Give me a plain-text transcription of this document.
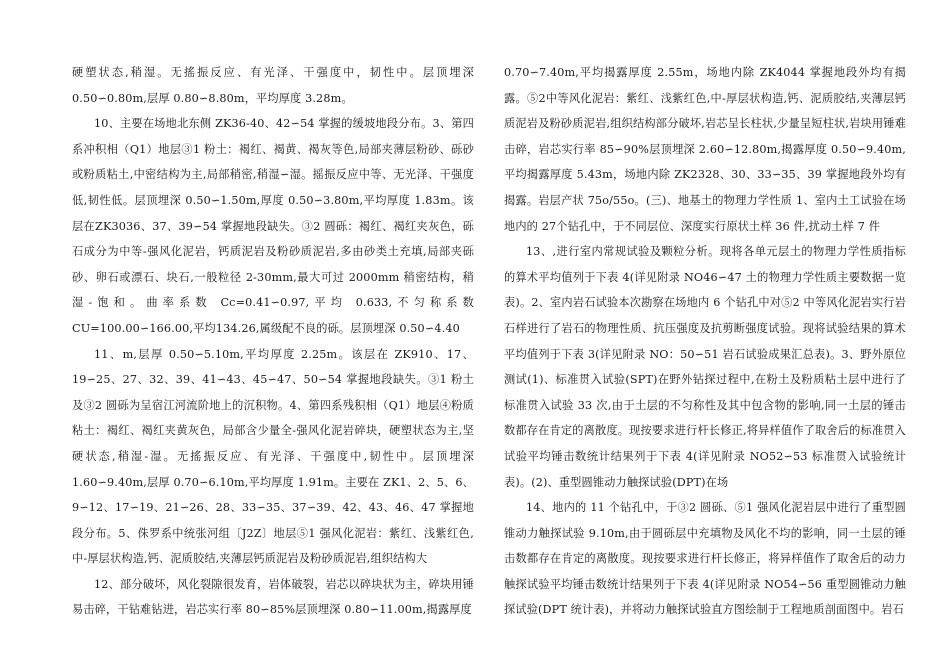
硬塑状态,稍湿。无搖振反应、有光泽、干强度中，韧性中。层顶埋深 0.50∽0.80m,层厚 0.80∽8.80m，平均厚度 3.28m。

10、主要在场地北东侧 ZK36-40、42∽54 掌握的缓坡地段分布。3、第四系冲积相（Q1）地层③1 粉土：褐红、褐黄、褐灰等色,局部夹薄层粉砂、砾砂或粉质粘土,中密结构为主,局部稍密,稍湿∽湿。摇振反应中等、无光泽、干强度低,韧性低。层顶埋深 0.50∽1.50m,厚度 0.50∽3.80m,平均厚度 1.83m。该层在ZK3036、37、39∽54 掌握地段缺失。③2 圆砾：褐红、褐红夹灰色，砾石成分为中等-强风化泥岩，钙质泥岩及粉砂质泥岩,多由砂类土充填,局部夹砾砂、卵石或漂石、块石,一般粒径 2-30mm,最大可过 2000mm 稍密结构，稍湿-饱和。曲率系数 Cc=0.41∽0.97,平均 0.633,不匀称系数 CU=100.00∽166.00,平均134.26,属级配不良的砾。层顶埋深 0.50∽4.40

11、m,层厚 0.50∽5.10m,平均厚度 2.25m。该层在 ZK910、17、19∽25、27、32、39、41∽43、45∽47、50∽54 掌握地段缺失。③1 粉土及③2 圆砾为呈宿江河流阶地上的沉积物。4、第四系残积相（Q1）地层④粉质粘土：褐红、褐红夹黄灰色，局部含少量全-强风化泥岩碎块，硬塑状态为主,坚硬状态,稍湿-湿。无搖振反应、有光泽、干强度中,韧性中。层顶埋深 1.60∽9.40m,层厚 0.70∽6.10m,平均厚度 1.91m。主要在 ZK1、2、5、6、9∽12、17∽19、21∽26、28、33∽35、37∽39、42、43、46、47 掌握地段分布。5、侏罗系中统张河组〔J2Z〕地层⑤1 强风化泥岩：紫红、浅紫红色,中-厚层状构造,钙、泥质胶结,夹薄层钙质泥岩及粉砂质泥岩,组织结构大

12、部分破坏，风化裂隙很发育，岩体破裂，岩芯以碎块状为主，碎块用锤易击碎，干钻难钻进，岩芯实行率 80∽85%层顶埋深 0.80∽11.00m,揭露厚度

0.70∽7.40m,平均揭露厚度 2.55m，场地内除 ZK4044 掌握地段外均有揭露。⑤2中等风化泥岩：紫红、浅紫红色,中-厚层状构造,钙、泥质胶结,夹薄层钙质泥岩及粉砂质泥岩,组织结构部分破坏,岩芯呈长柱状,少量呈短柱状,岩块用锤难击碎，岩芯实行率 85∽90%层顶埋深 2.60∽12.80m,揭露厚度 0.50∽9.40m,平均揭露厚度 5.43m，场地内除 ZK2328、30、33∽35、39 掌握地段外均有揭露。岩层产状 75o/55o。(三)、地基土的物理力学性质 1、室内土工试验在场地内的 27个钻孔中，于不同层位、深度实行原状土样 36 件,扰动土样 7 件

13、,进行室内常规试验及颗粒分析。现将各单元层土的物理力学性质指标的算术平均值列于下表 4(详见附录 NO46∽47 土的物理力学性质主要数据一览表)。2、室内岩石试验本次勘察在场地内 6 个钻孔中对⑤2 中等风化泥岩实行岩石样进行了岩石的物理性质、抗压强度及抗剪断强度试验。现将试验结果的算术平均值列于下表 3(详见附录 NO：50∽51 岩石试验成果汇总表)。3、野外原位测试(1)、标准贯入试验(SPT)在野外钻探过程中,在粉土及粉质粘土层中进行了标准贯入试验 33 次,由于土层的不匀称性及其中包含物的影响,同一土层的锤击数都存在肯定的离散度。现按要求进行杆长修正,将异样值作了取舍后的标准贯入试验平均锤击数统计结果列于下表 4(详见附录 NO52∽53 标准贯入试验统计表)。(2)、重型圆锥动力触探试验(DPT)在场

14、地内的 11 个钻孔中，于③2 圆砾、⑤1 强风化泥岩层中进行了重型圆锥动力触探试验 9.10m,由于圆砾层中充填物及风化不均的影响，同一土层的锤击数都存在肯定的离散度。现按要求进行杆长修正，将异样值作了取舍后的动力触探试验平均锤击数统计结果列于下表 4(详见附录 NO54∽56 重型圆锥动力触探试验(DPT 统计表)，并将动力触探试验直方图绘制于工程地质剖面图中。岩石
